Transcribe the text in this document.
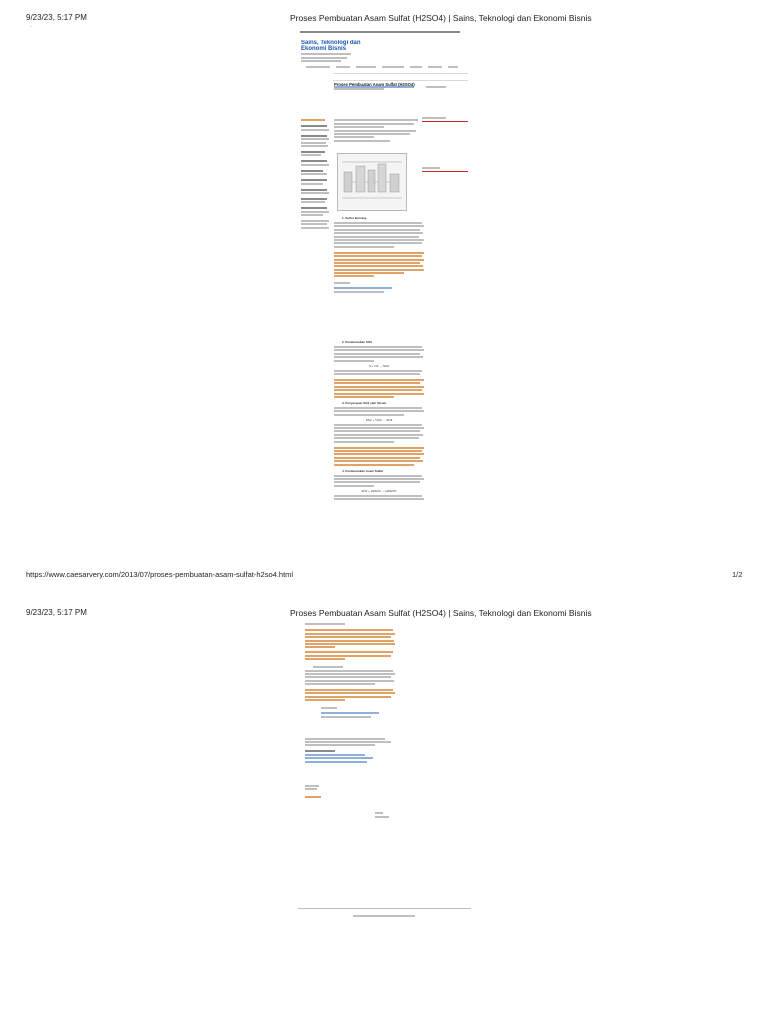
9/23/23, 5:17 PM	Proses Pembuatan Asam Sulfat (H2SO4) | Sains, Teknologi dan Ekonomi Bisnis
·
Sains, Teknologi dan
Ekonomi Bisnis

Proses Pembuatan Asam Sulfat (H2SO4)
1. Sulfur Burning
2. Pembentukan SO3
S + O2 → SO2
3. Penyerapan SO3 oleh Oleum
SO2 + ½O2 → SO3
4. Pembentukan Asam Sulfat
SO3 + H2SO4 → H2S2O7
https://www.caesarvery.com/2013/07/proses-pembuatan-asam-sulfat-h2so4.html	1/2
9/23/23, 5:17 PM	Proses Pembuatan Asam Sulfat (H2SO4) | Sains, Teknologi dan Ekonomi Bisnis
